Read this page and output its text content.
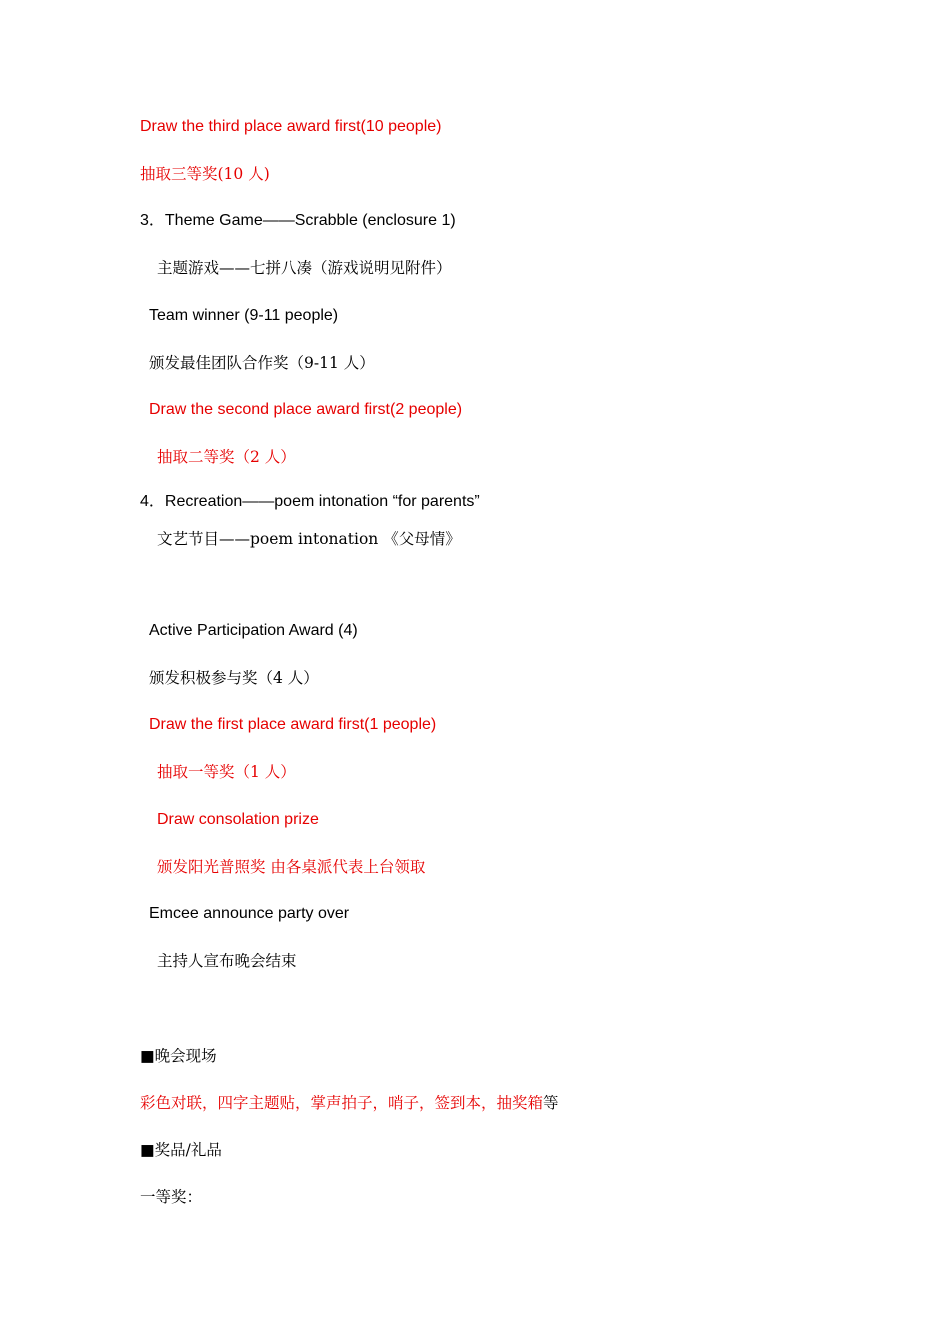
Draw the third place award first(10 people)
抽取三等奖(10 人)
3．Theme Game——Scrabble (enclosure 1)
主题游戏——七拼八凑（游戏说明见附件）
Team winner (9-11 people)
颁发最佳团队合作奖（9-11 人）
Draw the second place award first(2 people)
抽取二等奖（2 人）
4．Recreation——poem intonation “for parents”
文艺节目——poem intonation 《父母情》
Active Participation Award (4)
颁发积极参与奖（4 人）
Draw the first place award first(1 people)
抽取一等奖（1 人）
Draw consolation prize
颁发阳光普照奖 由各桌派代表上台领取
Emcee announce party over
主持人宣布晚会结束
■晚会现场
彩色对联，四字主题贴，掌声拍子，哨子，签到本，抽奖箱等
■奖品/礼品
一等奖：
